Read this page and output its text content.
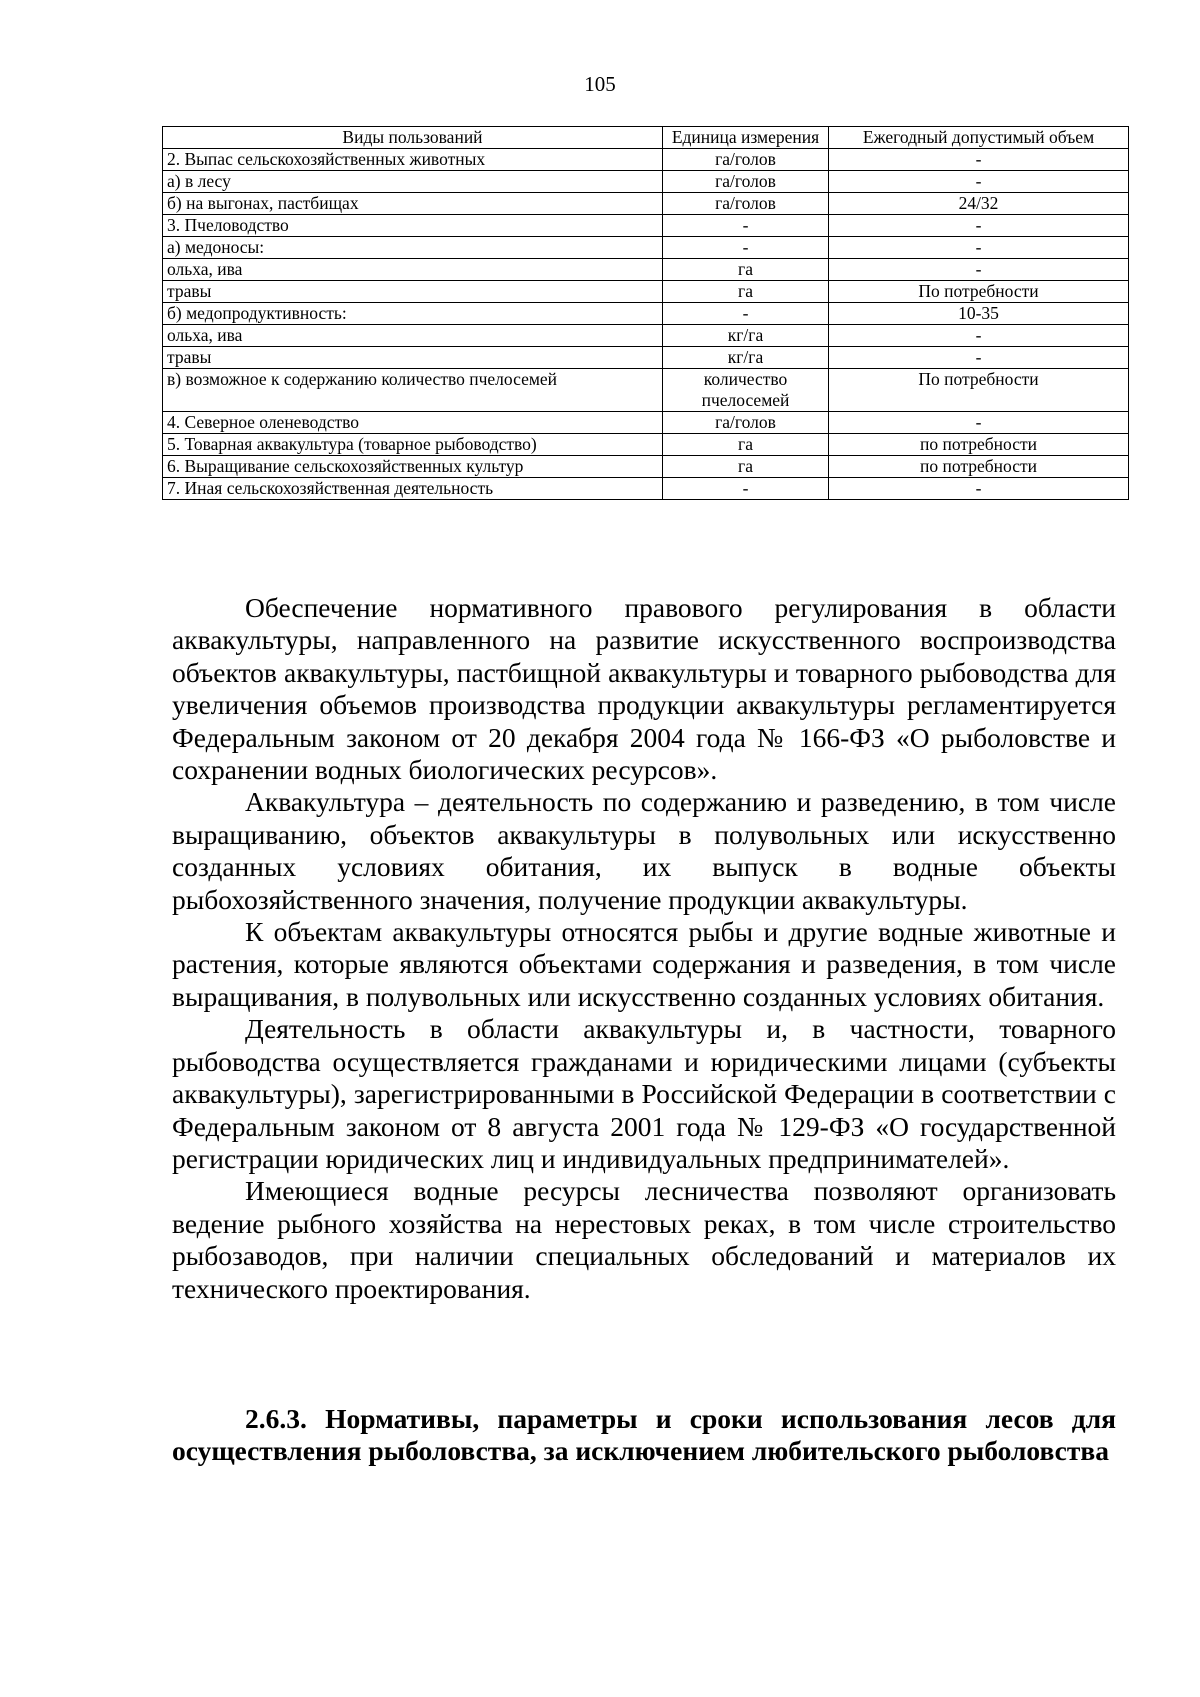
105
Виды пользований	Единица измерения	Ежегодный допустимый объем
2. Выпас сельскохозяйственных животных	га/голов	-
а) в лесу	га/голов	-
б) на выгонах, пастбищах	га/голов	24/32
3. Пчеловодство	-	-
а) медоносы:	-	-
ольха, ива	га	-
травы	га	По потребности
б) медопродуктивность:	-	10-35
ольха, ива	кг/га	-
травы	кг/га	-
в) возможное к содержанию количество пчелосемей	количество пчелосемей	По потребности
4. Северное оленеводство	га/голов	-
5. Товарная аквакультура (товарное рыбоводство)	га	по потребности
6. Выращивание сельскохозяйственных культур	га	по потребности
7. Иная сельскохозяйственная деятельность	-	-

Обеспечение нормативного правового регулирования в области аквакультуры, направленного на развитие искусственного воспроизводства объектов аквакультуры, пастбищной аквакультуры и товарного рыбоводства для увеличения объемов производства продукции аквакультуры регламентируется Федеральным законом от 20 декабря 2004 года № 166-ФЗ «О рыболовстве и сохранении водных биологических ресурсов».

Аквакультура – деятельность по содержанию и разведению, в том числе выращиванию, объектов аквакультуры в полувольных или искусственно созданных условиях обитания, их выпуск в водные объекты рыбохозяйственного значения, получение продукции аквакультуры.

К объектам аквакультуры относятся рыбы и другие водные животные и растения, которые являются объектами содержания и разведения, в том числе выращивания, в полувольных или искусственно созданных условиях обитания.

Деятельность в области аквакультуры и, в частности, товарного рыбоводства осуществляется гражданами и юридическими лицами (субъекты аквакультуры), зарегистрированными в Российской Федерации в соответствии с Федеральным законом от 8 августа 2001 года № 129-ФЗ «О государственной регистрации юридических лиц и индивидуальных предпринимателей».

Имеющиеся водные ресурсы лесничества позволяют организовать ведение рыбного хозяйства на нерестовых реках, в том числе строительство рыбозаводов, при наличии специальных обследований и материалов их технического проектирования.

2.6.3. Нормативы, параметры и сроки использования лесов для осуществления рыболовства, за исключением любительского рыболовства
